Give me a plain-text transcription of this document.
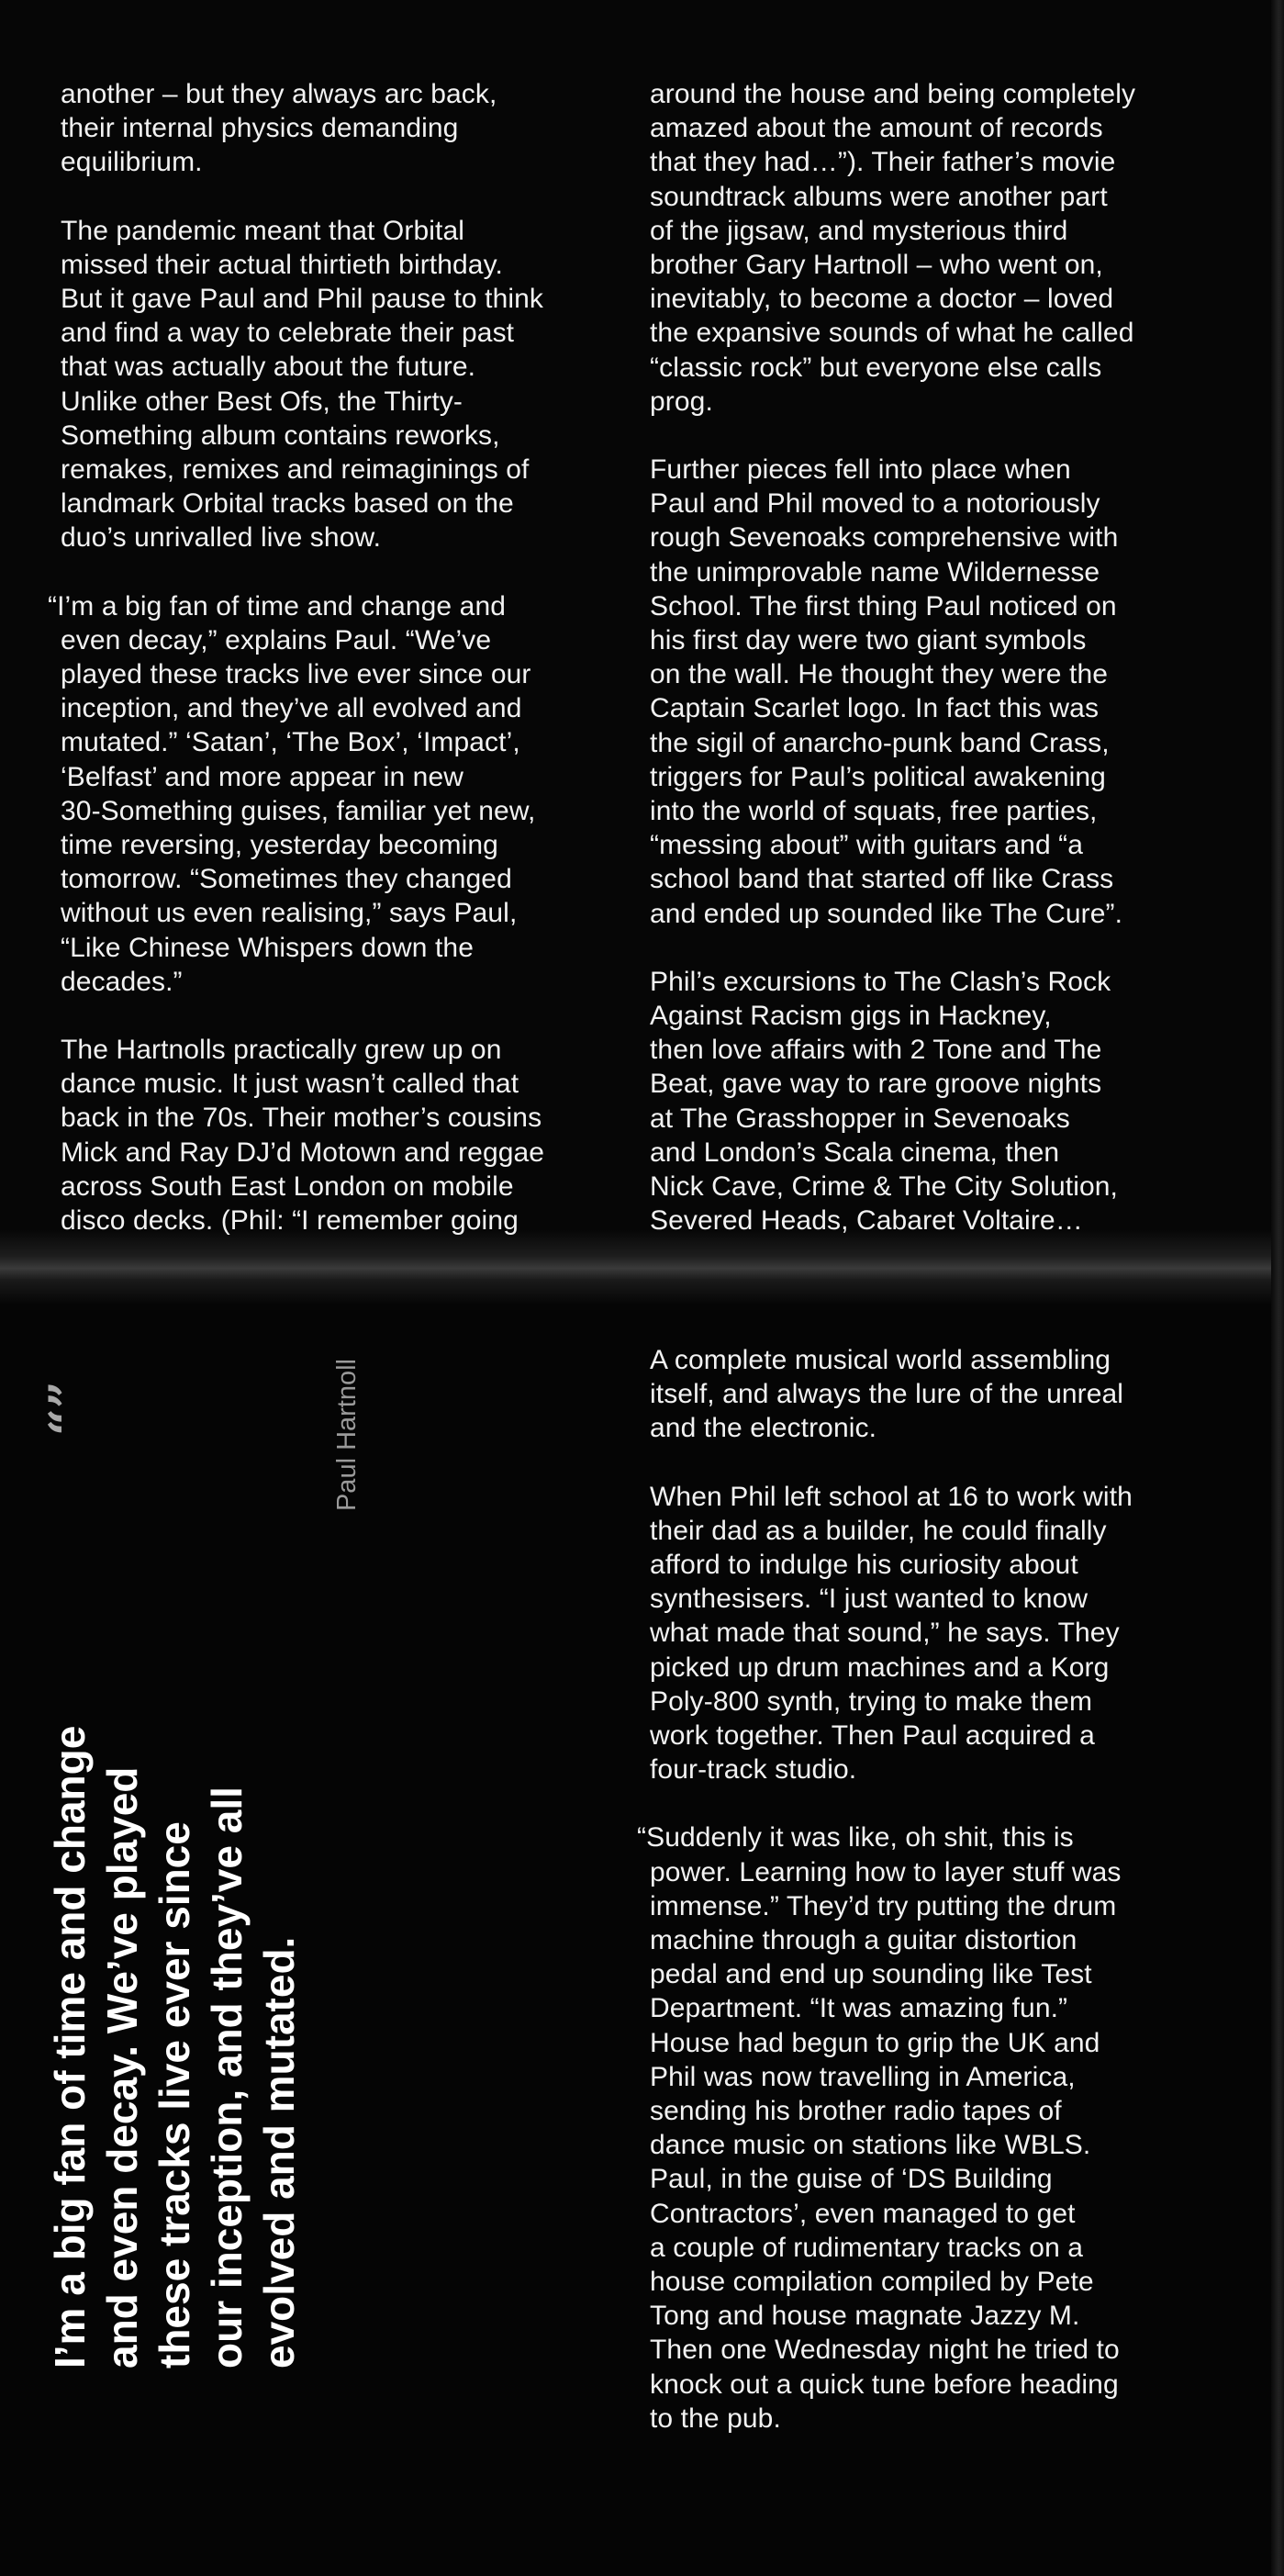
another – but they always arc back,
their internal physics demanding
equilibrium.

The pandemic meant that Orbital
missed their actual thirtieth birthday.
But it gave Paul and Phil pause to think
and find a way to celebrate their past
that was actually about the future.
Unlike other Best Ofs, the Thirty-
Something album contains reworks,
remakes, remixes and reimaginings of
landmark Orbital tracks based on the
duo’s unrivalled live show.

“I’m a big fan of time and change and
even decay,” explains Paul. “We’ve
played these tracks live ever since our
inception, and they’ve all evolved and
mutated.” ‘Satan’, ‘The Box’, ‘Impact’,
‘Belfast’ and more appear in new
30-Something guises, familiar yet new,
time reversing, yesterday becoming
tomorrow. “Sometimes they changed
without us even realising,” says Paul,
“Like Chinese Whispers down the
decades.”

The Hartnolls practically grew up on
dance music. It just wasn’t called that
back in the 70s. Their mother’s cousins
Mick and Ray DJ’d Motown and reggae
across South East London on mobile
disco decks. (Phil: “I remember going

around the house and being completely
amazed about the amount of records
that they had…”). Their father’s movie
soundtrack albums were another part
of the jigsaw, and mysterious third
brother Gary Hartnoll – who went on,
inevitably, to become a doctor – loved
the expansive sounds of what he called
“classic rock” but everyone else calls
prog.

Further pieces fell into place when
Paul and Phil moved to a notoriously
rough Sevenoaks comprehensive with
the unimprovable name Wildernesse
School. The first thing Paul noticed on
his first day were two giant symbols
on the wall. He thought they were the
Captain Scarlet logo. In fact this was
the sigil of anarcho-punk band Crass,
triggers for Paul’s political awakening
into the world of squats, free parties,
“messing about” with guitars and “a
school band that started off like Crass
and ended up sounded like The Cure”.

Phil’s excursions to The Clash’s Rock
Against Racism gigs in Hackney,
then love affairs with 2 Tone and The
Beat, gave way to rare groove nights
at The Grasshopper in Sevenoaks
and London’s Scala cinema, then
Nick Cave, Crime & The City Solution,
Severed Heads, Cabaret Voltaire…

A complete musical world assembling
itself, and always the lure of the unreal
and the electronic.

When Phil left school at 16 to work with
their dad as a builder, he could finally
afford to indulge his curiosity about
synthesisers. “I just wanted to know
what made that sound,” he says. They
picked up drum machines and a Korg
Poly-800 synth, trying to make them
work together. Then Paul acquired a
four-track studio.

“Suddenly it was like, oh shit, this is
power. Learning how to layer stuff was
immense.” They’d try putting the drum
machine through a guitar distortion
pedal and end up sounding like Test
Department. “It was amazing fun.”
House had begun to grip the UK and
Phil was now travelling in America,
sending his brother radio tapes of
dance music on stations like WBLS.
Paul, in the guise of ‘DS Building
Contractors’, even managed to get
a couple of rudimentary tracks on a
house compilation compiled by Pete
Tong and house magnate Jazzy M.
Then one Wednesday night he tried to
knock out a quick tune before heading
to the pub.

“”
I’m a big fan of time and change
and even decay. We’ve played
these tracks live ever since
our inception, and they’ve all
evolved and mutated.
Paul Hartnoll
